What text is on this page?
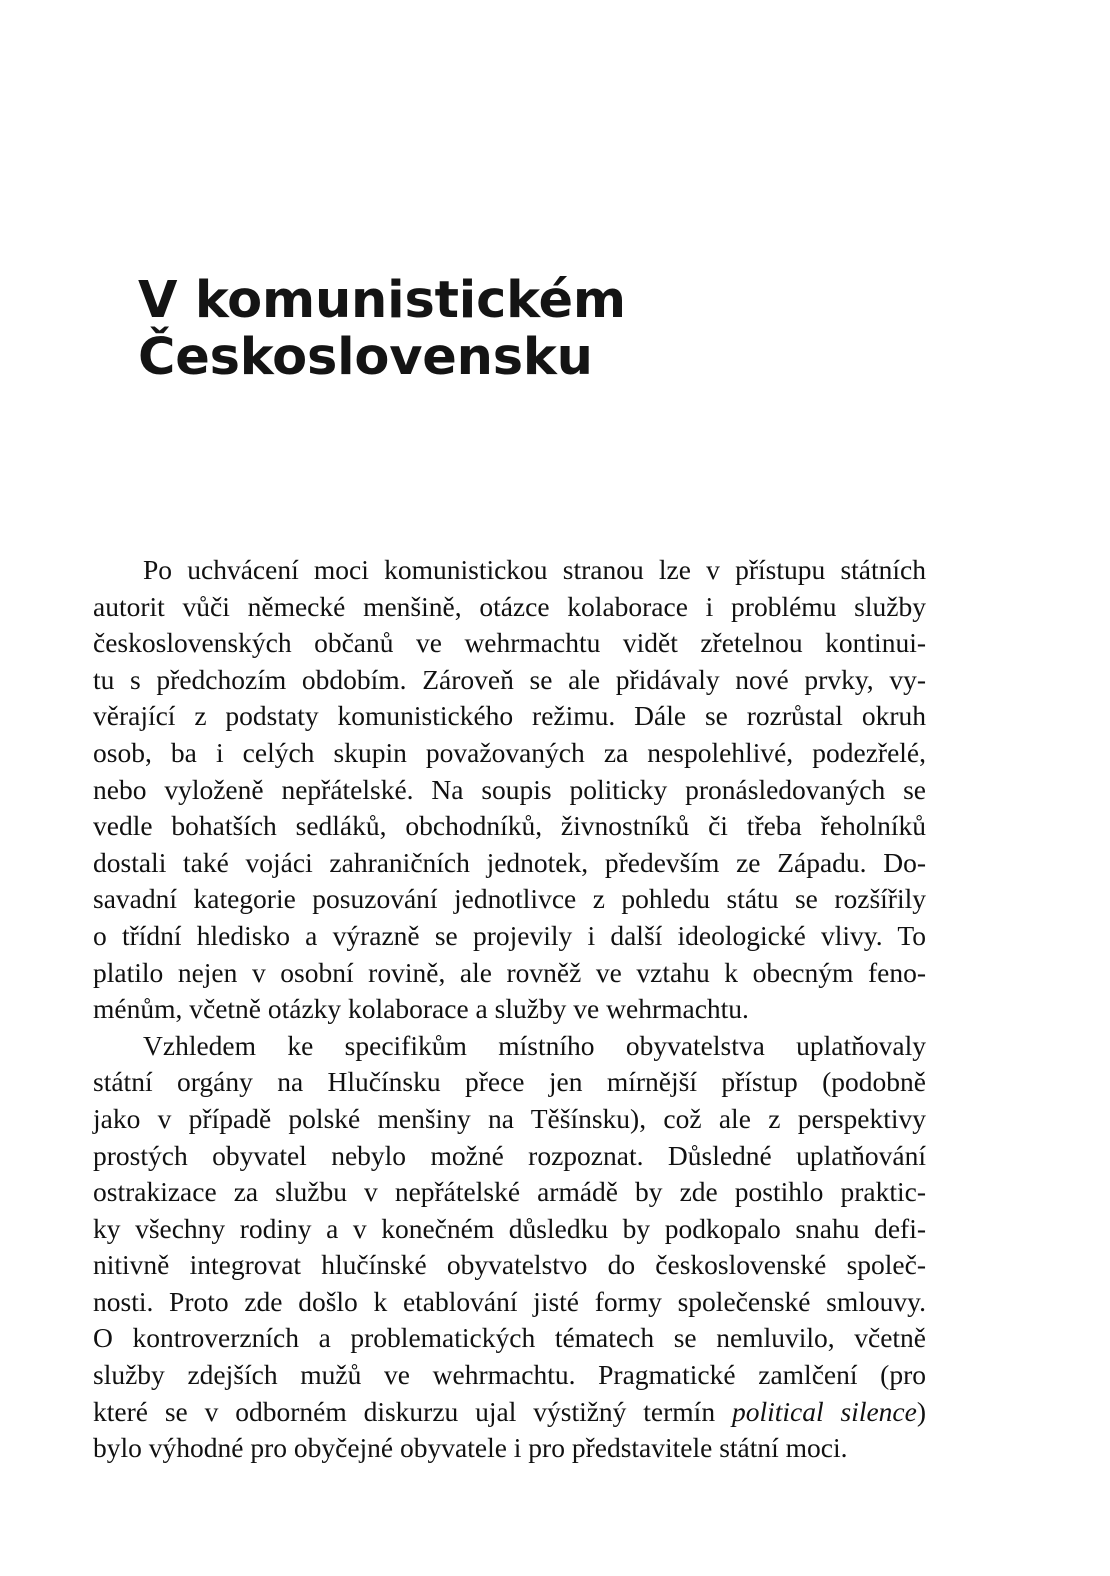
V komunistickém
Československu

Po uchvácení moci komunistickou stranou lze v přístupu státních
autorit vůči německé menšině, otázce kolaborace i problému služby
československých občanů ve wehrmachtu vidět zřetelnou kontinui-
tu s předchozím obdobím. Zároveň se ale přidávaly nové prvky, vy-
věrající z podstaty komunistického režimu. Dále se rozrůstal okruh
osob, ba i celých skupin považovaných za nespolehlivé, podezřelé,
nebo vyloženě nepřátelské. Na soupis politicky pronásledovaných se
vedle bohatších sedláků, obchodníků, živnostníků či třeba řeholníků
dostali také vojáci zahraničních jednotek, především ze Západu. Do-
savadní kategorie posuzování jednotlivce z pohledu státu se rozšířily
o třídní hledisko a výrazně se projevily i další ideologické vlivy. To
platilo nejen v osobní rovině, ale rovněž ve vztahu k obecným feno-
ménům, včetně otázky kolaborace a služby ve wehrmachtu.

Vzhledem ke specifikům místního obyvatelstva uplatňovaly
státní orgány na Hlučínsku přece jen mírnější přístup (podobně
jako v případě polské menšiny na Těšínsku), což ale z perspektivy
prostých obyvatel nebylo možné rozpoznat. Důsledné uplatňování
ostrakizace za službu v nepřátelské armádě by zde postihlo praktic-
ky všechny rodiny a v konečném důsledku by podkopalo snahu defi-
nitivně integrovat hlučínské obyvatelstvo do československé společ-
nosti. Proto zde došlo k etablování jisté formy společenské smlouvy.
O kontroverzních a problematických tématech se nemluvilo, včetně
služby zdejších mužů ve wehrmachtu. Pragmatické zamlčení (pro
které se v odborném diskurzu ujal výstižný termín political silence)
bylo výhodné pro obyčejné obyvatele i pro představitele státní moci.
